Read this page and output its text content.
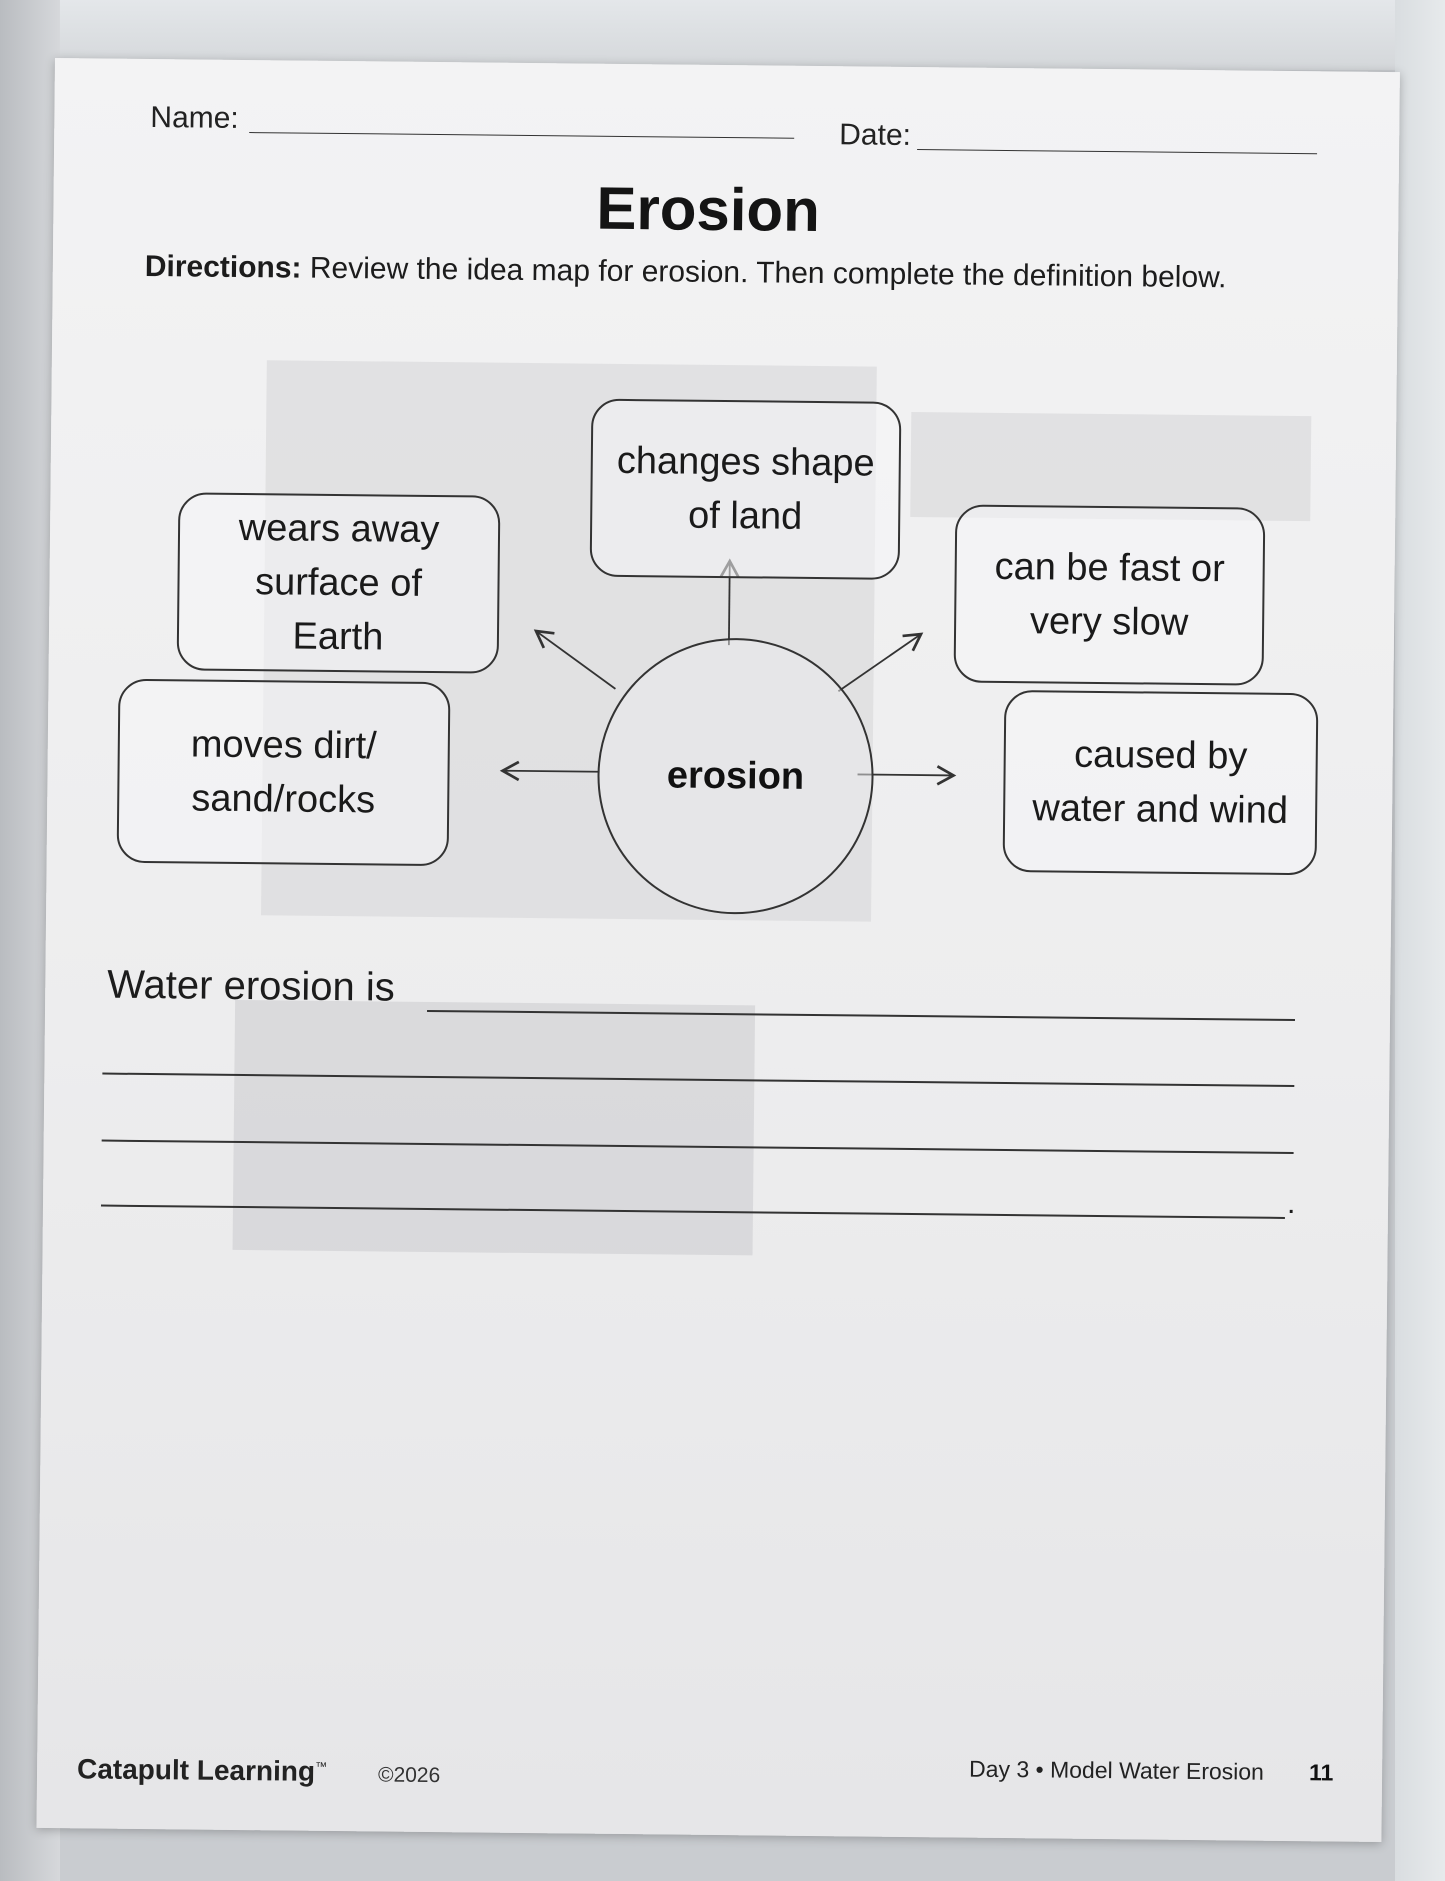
Name:
Date:
Erosion
Directions: Review the idea map for erosion. Then complete the definition below.
changes shape
of land
wears away
surface of
Earth
can be fast or
very slow
moves dirt/
sand/rocks
caused by
water and wind
erosion
Water erosion is
.
Catapult Learning™ ©2026	Day 3 • Model Water Erosion 11
